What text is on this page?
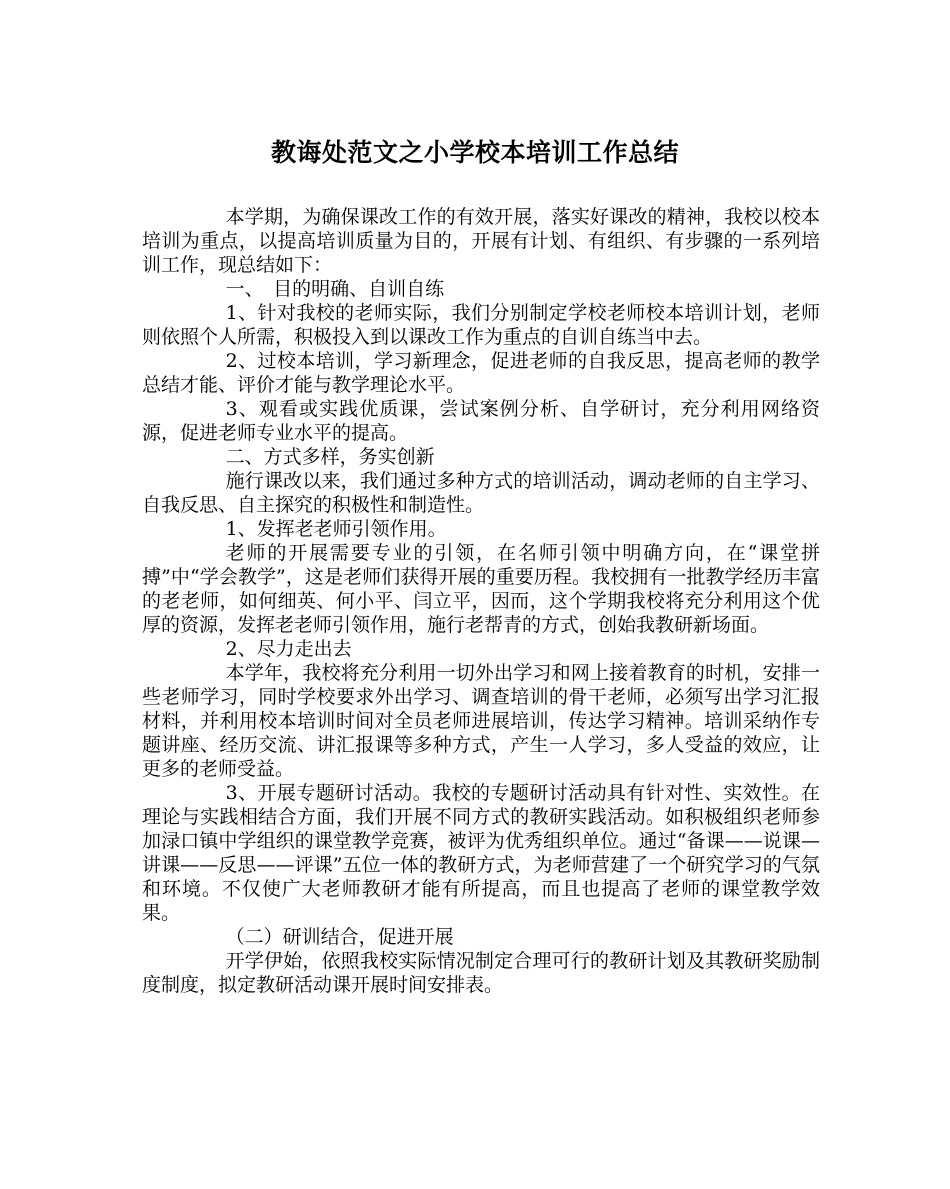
教诲处范文之小学校本培训工作总结

本学期，为确保课改工作的有效开展，落实好课改的精神，我校以校本培训为重点，以提高培训质量为目的，开展有计划、有组织、有步骤的一系列培训工作，现总结如下：

一、　目的明确、自训自练

1、针对我校的老师实际，我们分别制定学校老师校本培训计划，老师则依照个人所需，积极投入到以课改工作为重点的自训自练当中去。

2、过校本培训，学习新理念，促进老师的自我反思，提高老师的教学总结才能、评价才能与教学理论水平。

3、观看或实践优质课，尝试案例分析、自学研讨，充分利用网络资源，促进老师专业水平的提高。

二、方式多样，务实创新

施行课改以来，我们通过多种方式的培训活动，调动老师的自主学习、自我反思、自主探究的积极性和制造性。

1、发挥老老师引领作用。

老师的开展需要专业的引领，在名师引领中明确方向，在“课堂拼搏”中“学会教学”，这是老师们获得开展的重要历程。我校拥有一批教学经历丰富的老老师，如何细英、何小平、闫立平，因而，这个学期我校将充分利用这个优厚的资源，发挥老老师引领作用，施行老帮青的方式，创始我教研新场面。

2、尽力走出去

本学年，我校将充分利用一切外出学习和网上接着教育的时机，安排一些老师学习，同时学校要求外出学习、调查培训的骨干老师，必须写出学习汇报材料，并利用校本培训时间对全员老师进展培训，传达学习精神。培训采纳作专题讲座、经历交流、讲汇报课等多种方式，产生一人学习，多人受益的效应，让更多的老师受益。

3、开展专题研讨活动。我校的专题研讨活动具有针对性、实效性。在理论与实践相结合方面，我们开展不同方式的教研实践活动。如积极组织老师参加渌口镇中学组织的课堂教学竞赛，被评为优秀组织单位。通过“备课——说课—讲课——反思——评课”五位一体的教研方式，为老师营建了一个研究学习的气氛和环境。不仅使广大老师教研才能有所提高，而且也提高了老师的课堂教学效果。

（二）研训结合，促进开展

开学伊始，依照我校实际情况制定合理可行的教研计划及其教研奖励制度制度，拟定教研活动课开展时间安排表。
